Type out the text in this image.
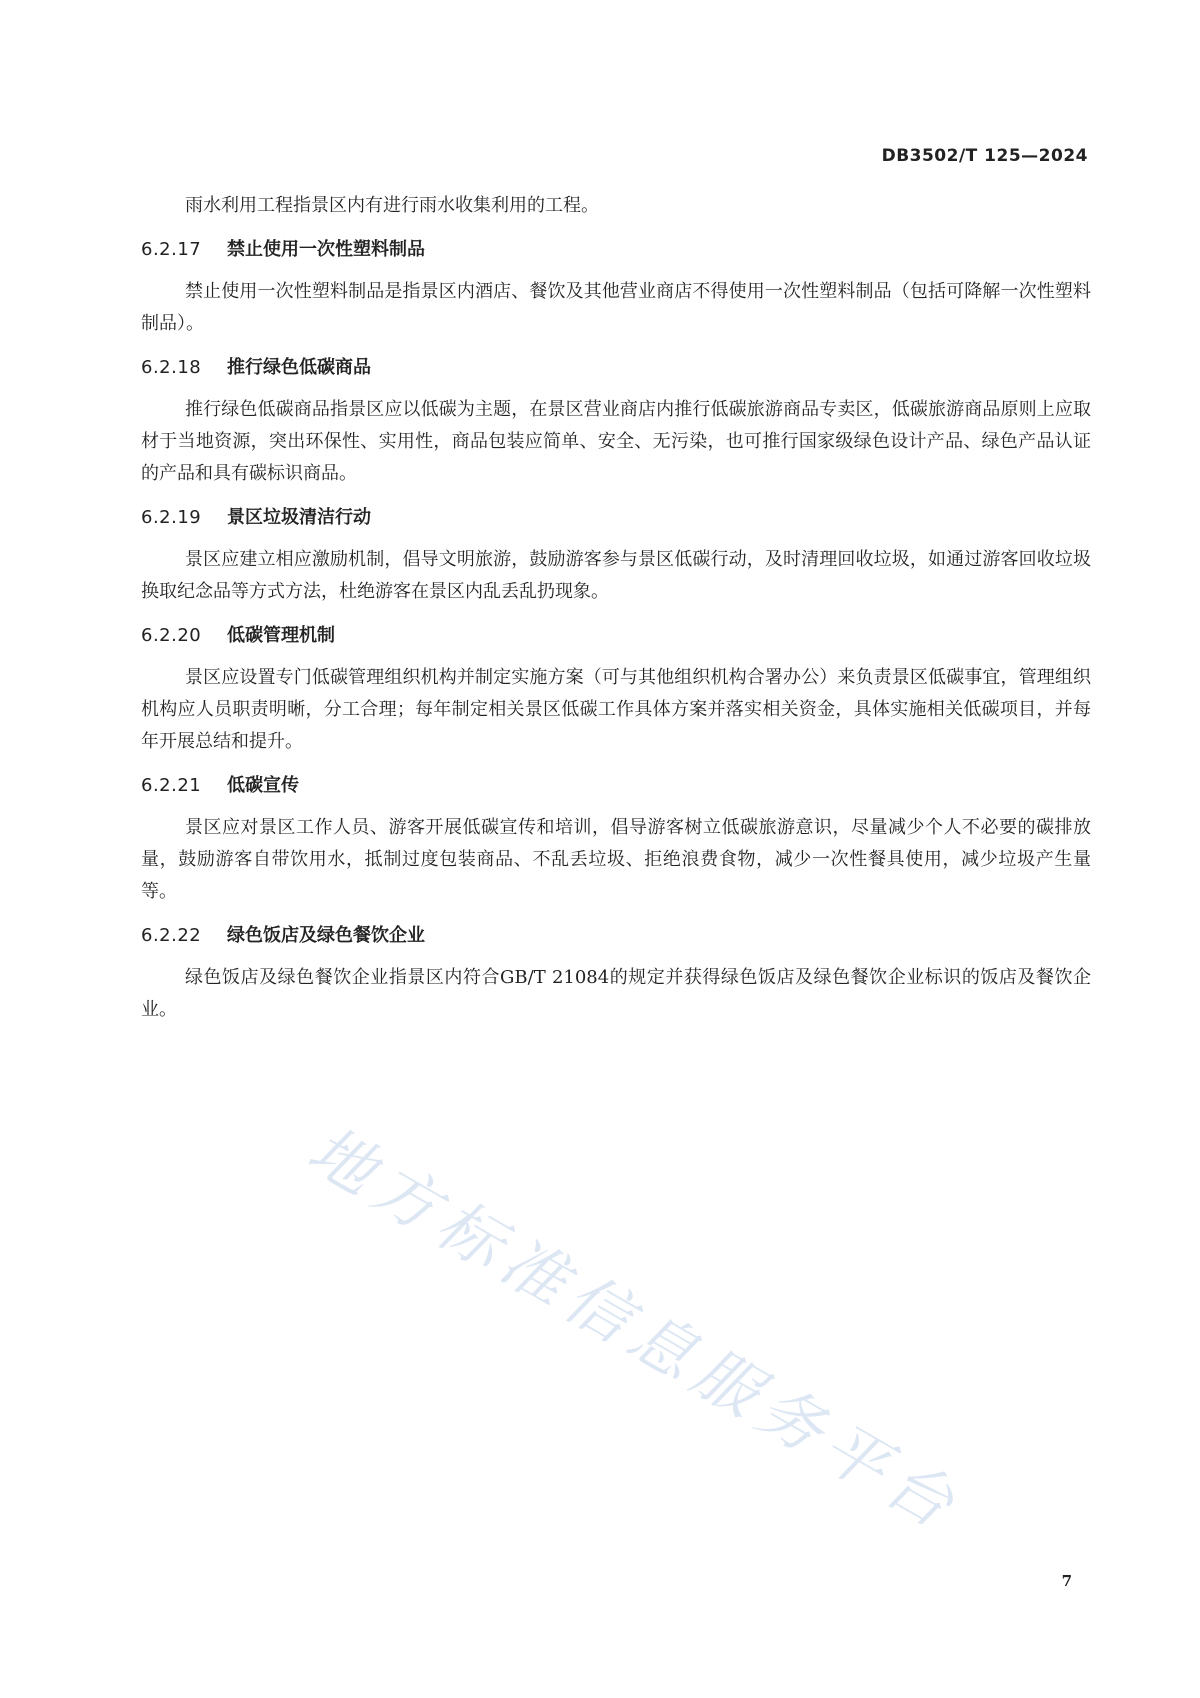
DB3502/T 125—2024

雨水利用工程指景区内有进行雨水收集利用的工程。

6.2.17 禁止使用一次性塑料制品

禁止使用一次性塑料制品是指景区内酒店、餐饮及其他营业商店不得使用一次性塑料制品（包括可降解一次性塑料制品）。

6.2.18 推行绿色低碳商品

推行绿色低碳商品指景区应以低碳为主题，在景区营业商店内推行低碳旅游商品专卖区，低碳旅游商品原则上应取材于当地资源，突出环保性、实用性，商品包装应简单、安全、无污染，也可推行国家级绿色设计产品、绿色产品认证的产品和具有碳标识商品。

6.2.19 景区垃圾清洁行动

景区应建立相应激励机制，倡导文明旅游，鼓励游客参与景区低碳行动，及时清理回收垃圾，如通过游客回收垃圾换取纪念品等方式方法，杜绝游客在景区内乱丢乱扔现象。

6.2.20 低碳管理机制

景区应设置专门低碳管理组织机构并制定实施方案（可与其他组织机构合署办公）来负责景区低碳事宜，管理组织机构应人员职责明晰，分工合理；每年制定相关景区低碳工作具体方案并落实相关资金，具体实施相关低碳项目，并每年开展总结和提升。

6.2.21 低碳宣传

景区应对景区工作人员、游客开展低碳宣传和培训，倡导游客树立低碳旅游意识，尽量减少个人不必要的碳排放量，鼓励游客自带饮用水，抵制过度包装商品、不乱丢垃圾、拒绝浪费食物，减少一次性餐具使用，减少垃圾产生量等。

6.2.22 绿色饭店及绿色餐饮企业

绿色饭店及绿色餐饮企业指景区内符合GB/T 21084的规定并获得绿色饭店及绿色餐饮企业标识的饭店及餐饮企业。

地方标准信息服务平台
7
